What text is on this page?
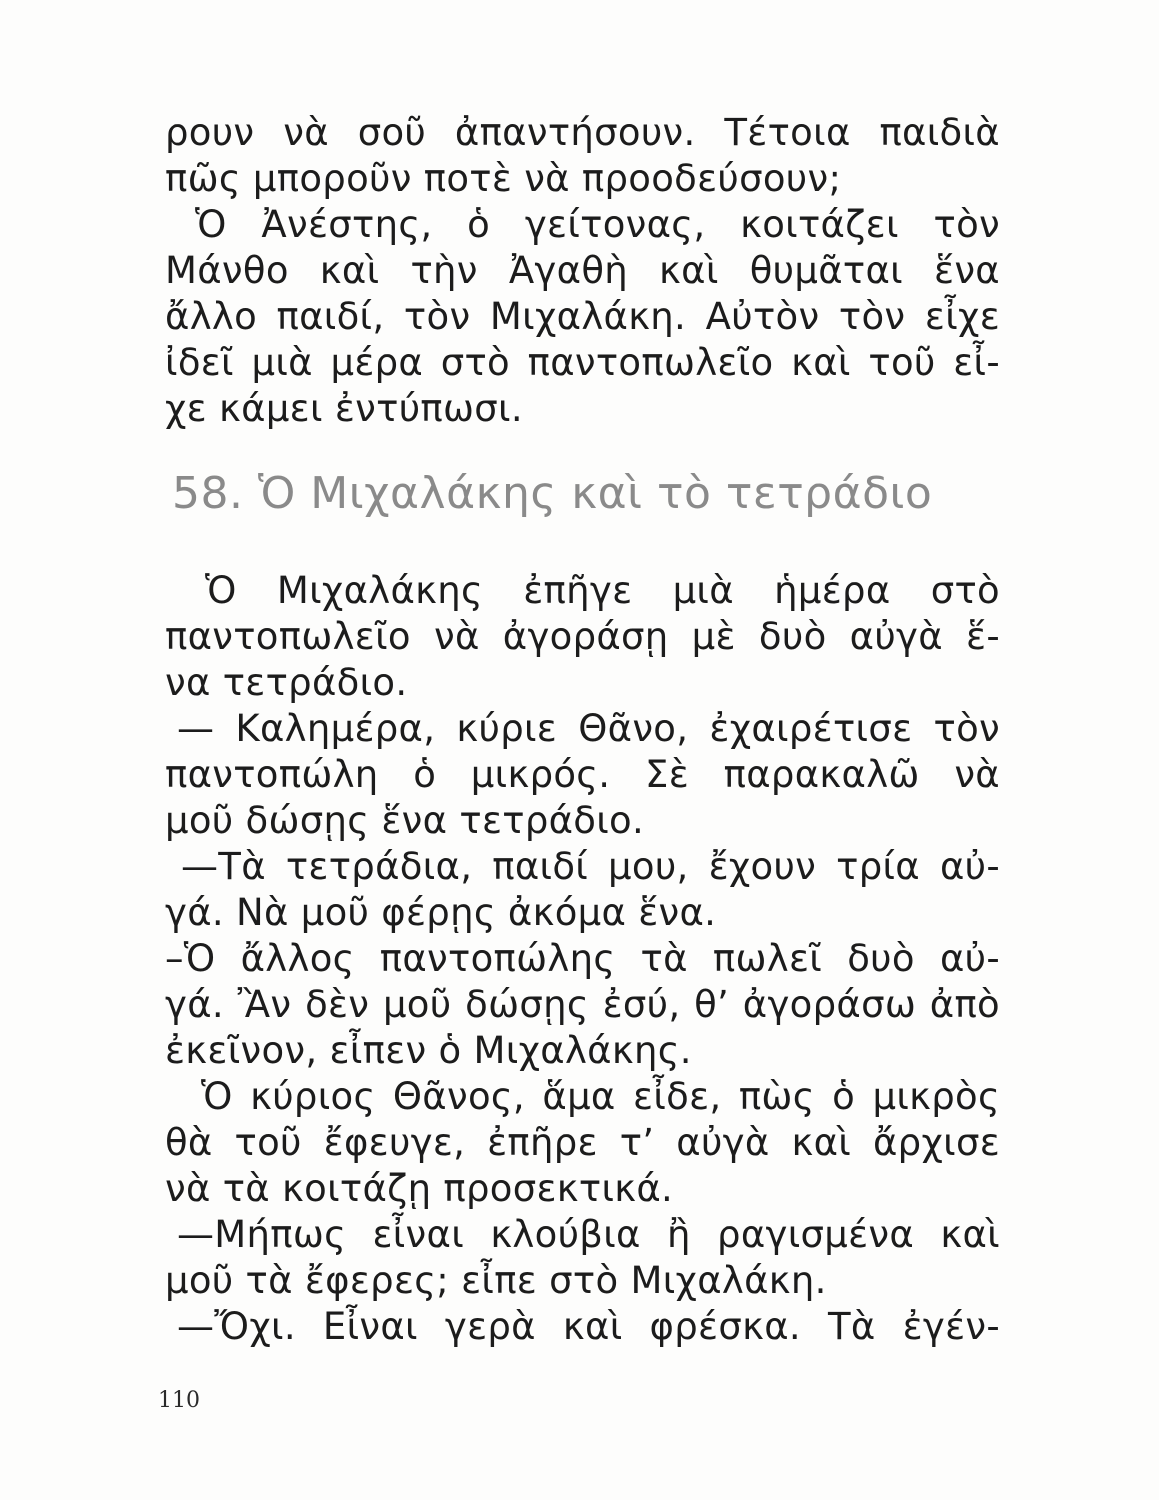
ρουν νὰ σοῦ ἀπαντήσουν. Τέτοια παιδιὰ
πῶς μποροῦν ποτὲ νὰ προοδεύσουν;
Ὁ Ἀνέστης, ὁ γείτονας, κοιτάζει τὸν
Μάνθο καὶ τὴν Ἀγαθὴ καὶ θυμᾶται ἕνα
ἄλλο παιδί, τὸν Μιχαλάκη. Αὐτὸν τὸν εἶχε
ἰδεῖ μιὰ μέρα στὸ παντοπωλεῖο καὶ τοῦ εἶ-
χε κάμει ἐντύπωσι.
58. Ὁ Μιχαλάκης καὶ τὸ τετράδιο
Ὁ Μιχαλάκης ἐπῆγε μιὰ ἡμέρα στὸ
παντοπωλεῖο νὰ ἀγοράσῃ μὲ δυὸ αὐγὰ ἕ-
να τετράδιο.
— Καλημέρα, κύριε Θᾶνο, ἐχαιρέτισε τὸν
παντοπώλη ὁ μικρός. Σὲ παρακαλῶ νὰ
μοῦ δώσῃς ἕνα τετράδιο.
—Τὰ τετράδια, παιδί μου, ἔχουν τρία αὐ-
γά. Νὰ μοῦ φέρῃς ἀκόμα ἕνα.
–Ὁ ἄλλος παντοπώλης τὰ πωλεῖ δυὸ αὐ-
γά. Ἂν δὲν μοῦ δώσῃς ἐσύ, θ’ ἀγοράσω ἀπὸ
ἐκεῖνον, εἶπεν ὁ Μιχαλάκης.
Ὁ κύριος Θᾶνος, ἅμα εἶδε, πὼς ὁ μικρὸς
θὰ τοῦ ἔφευγε, ἐπῆρε τ’ αὐγὰ καὶ ἄρχισε
νὰ τὰ κοιτάζῃ προσεκτικά.
—Μήπως εἶναι κλούβια ἢ ραγισμένα καὶ
μοῦ τὰ ἔφερες; εἶπε στὸ Μιχαλάκη.
—Ὄχι. Εἶναι γερὰ καὶ φρέσκα. Τὰ ἐγέν-
110
